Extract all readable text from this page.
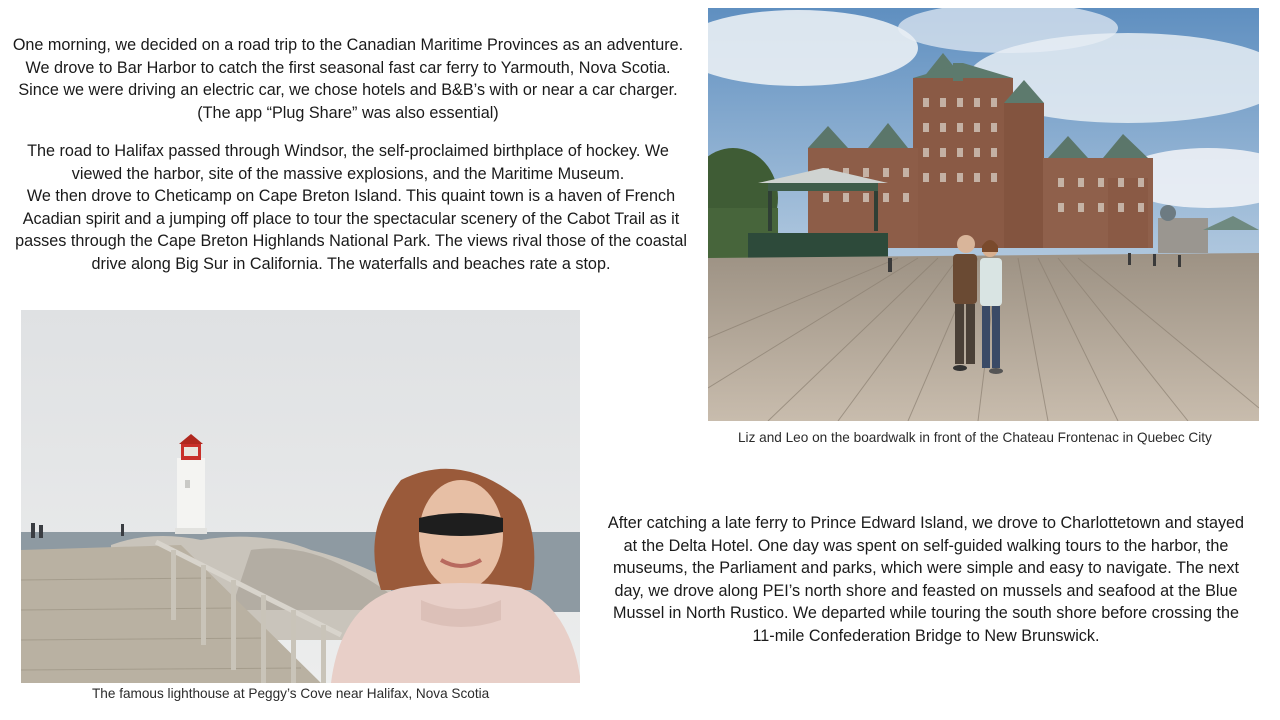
One morning, we decided on a road trip to the Canadian Maritime Provinces as an adventure. We drove to Bar Harbor to catch the first seasonal fast car ferry to Yarmouth, Nova Scotia. Since we were driving an electric car, we chose hotels and B&B’s with or near a car charger. (The app “Plug Share” was also essential)

The road to Halifax passed through Windsor, the self-proclaimed birthplace of hockey. We viewed the harbor, site of the massive explosions, and the Maritime Museum.

We then drove to Cheticamp on Cape Breton Island. This quaint town is a haven of French Acadian spirit and a jumping off place to tour the spectacular scenery of the Cabot Trail as it passes through the Cape Breton Highlands National Park. The views rival those of the coastal drive along Big Sur in California. The waterfalls and beaches rate a stop.

Liz and Leo on the boardwalk in front of the Chateau Frontenac in Quebec City

The famous lighthouse at Peggy’s Cove near Halifax, Nova Scotia

After catching a late ferry to Prince Edward Island, we drove to Charlottetown and stayed at the Delta Hotel. One day was spent on self-guided walking tours to the harbor, the museums, the Parliament and parks, which were simple and easy to navigate. The next day, we drove along PEI’s north shore and feasted on mussels and seafood at the Blue Mussel in North Rustico. We departed while touring the south shore before crossing the 11-mile Confederation Bridge to New Brunswick.
